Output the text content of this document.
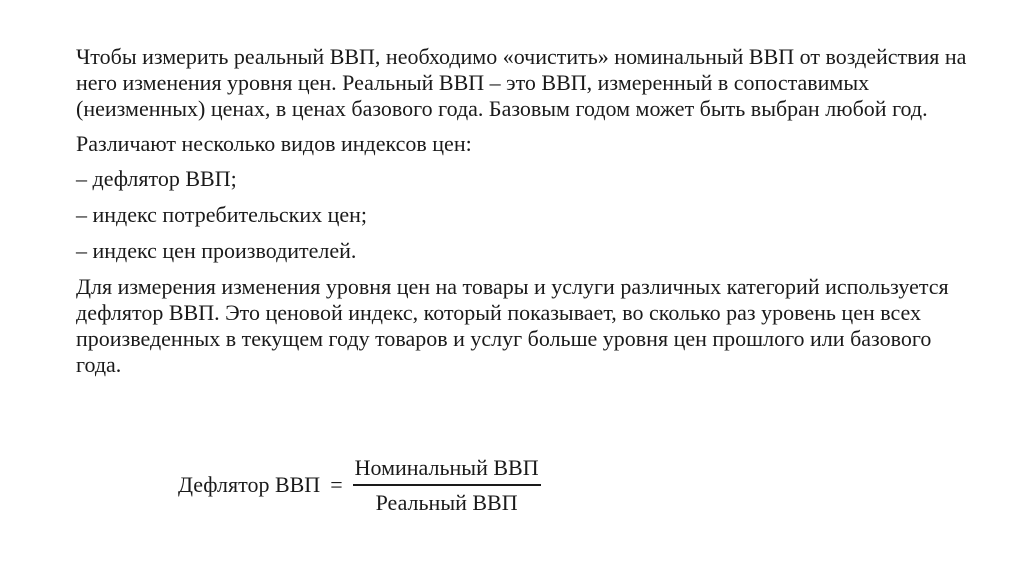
Чтобы измерить реальный ВВП, необходимо «очистить» номинальный ВВП от воздействия на него изменения уровня цен. Реальный ВВП – это ВВП, измеренный в сопоставимых (неизменных) ценах, в ценах базового года. Базовым годом может быть выбран любой год.

Различают несколько видов индексов цен:

– дефлятор ВВП;

– индекс потребительских цен;

– индекс цен производителей.

Для измерения изменения уровня цен на товары и услуги различных категорий используется дефлятор ВВП. Это ценовой индекс, который показывает, во сколько раз уровень цен всех произведенных в текущем году товаров и услуг больше уровня цен прошлого или базового года.

Дефлятор ВВП = $\frac{\text{Номинальный ВВП}}{\text{Реальный ВВП}}$
